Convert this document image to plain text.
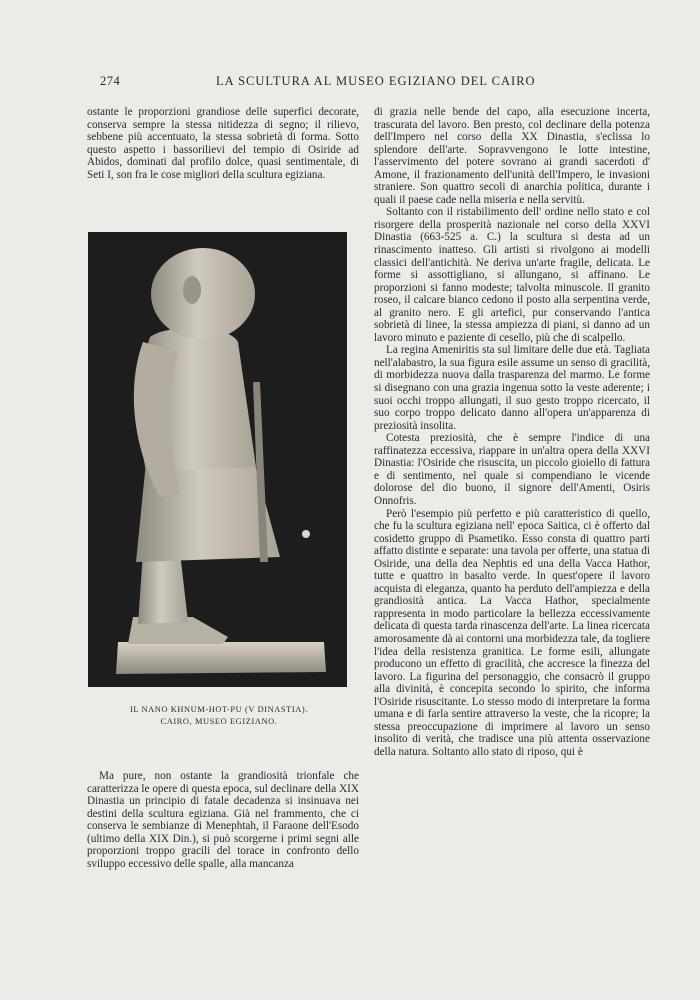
274	LA SCULTURA AL MUSEO EGIZIANO DEL CAIRO

ostante le proporzioni grandiose delle superfici decorate, conserva sempre la stessa nitidezza di segno; il rilievo, sebbene più accentuato, la stessa sobrietà di forma. Sotto questo aspetto i bassorilievi del tempio di Osiride ad Abidos, dominati dal profilo dolce, quasi sentimentale, di Seti I, son fra le cose migliori della scultura egiziana.

IL NANO KHNUM-HOT-PU (V DINASTIA).
CAIRO, MUSEO EGIZIANO.

Ma pure, non ostante la grandiosità trionfale che caratterizza le opere di questa epoca, sul declinare della XIX Dinastia un principio di fatale decadenza si insinuava nei destini della scultura egiziana. Già nel frammento, che ci conserva le sembianze di Menephtah, il Faraone dell'Esodo (ultimo della XIX Din.), si può scorgerne i primi segni alle proporzioni troppo gracili del torace in confronto dello sviluppo eccessivo delle spalle, alla mancanza

di grazia nelle bende del capo, alla esecuzione incerta, trascurata del lavoro. Ben presto, col declinare della potenza dell'Impero nel corso della XX Dinastia, s'eclissa lo splendore dell'arte. Sopravvengono le lotte intestine, l'asservimento del potere sovrano ai grandi sacerdoti d' Amone, il frazionamento dell'unità dell'Impero, le invasioni straniere. Son quattro secoli di anarchia politica, durante i quali il paese cade nella miseria e nella servitù.

Soltanto con il ristabilimento dell' ordine nello stato e col risorgere della prosperità nazionale nel corso della XXVI Dinastia (663-525 a. C.) la scultura si desta ad un rinascimento inatteso. Gli artisti si rivolgono ai modelli classici dell'antichità. Ne deriva un'arte fragile, delicata. Le forme si assottigliano, si allungano, si affinano. Le proporzioni si fanno modeste; talvolta minuscole. Il granito roseo, il calcare bianco cedono il posto alla serpentina verde, al granito nero. E gli artefici, pur conservando l'antica sobrietà di linee, la stessa ampiezza di piani, si danno ad un lavoro minuto e paziente di cesello, più che di scalpello.

La regina Ameniritis sta sul limitare delle due età. Tagliata nell'alabastro, la sua figura esile assume un senso di gracilità, di morbidezza nuova dalla trasparenza del marmo. Le forme si disegnano con una grazia ingenua sotto la veste aderente; i suoi occhi troppo allungati, il suo gesto troppo ricercato, il suo corpo troppo delicato danno all'opera un'apparenza di preziosità insolita.

Cotesta preziosità, che è sempre l'indice di una raffinatezza eccessiva, riappare in un'altra opera della XXVI Dinastia: l'Osiride che risuscita, un piccolo gioiello di fattura e di sentimento, nel quale si compendiano le vicende dolorose del dio buono, il signore dell'Amenti, Osiris Onnofris.

Però l'esempio più perfetto e più caratteristico di quello, che fu la scultura egiziana nell' epoca Saitica, ci è offerto dal cosidetto gruppo di Psametiko. Esso consta di quattro parti affatto distinte e separate: una tavola per offerte, una statua di Osiride, una della dea Nephtis ed una della Vacca Hathor, tutte e quattro in basalto verde. In quest'opere il lavoro acquista di eleganza, quanto ha perduto dell'ampiezza e della grandiosità antica. La Vacca Hathor, specialmente rappresenta in modo particolare la bellezza eccessivamente delicata di questa tarda rinascenza dell'arte. La linea ricercata amorosamente dà ai contorni una morbidezza tale, da togliere l'idea della resistenza granitica. Le forme esili, allungate producono un effetto di gracilità, che accresce la finezza del lavoro. La figurina del personaggio, che consacrò il gruppo alla divinità, è concepita secondo lo spirito, che informa l'Osiride risuscitante. Lo stesso modo di interpretare la forma umana e di farla sentire attraverso la veste, che la ricopre; la stessa preoccupazione di imprimere al lavoro un senso insolito di verità, che tradisce una più attenta osservazione della natura. Soltanto allo stato di riposo, qui è
